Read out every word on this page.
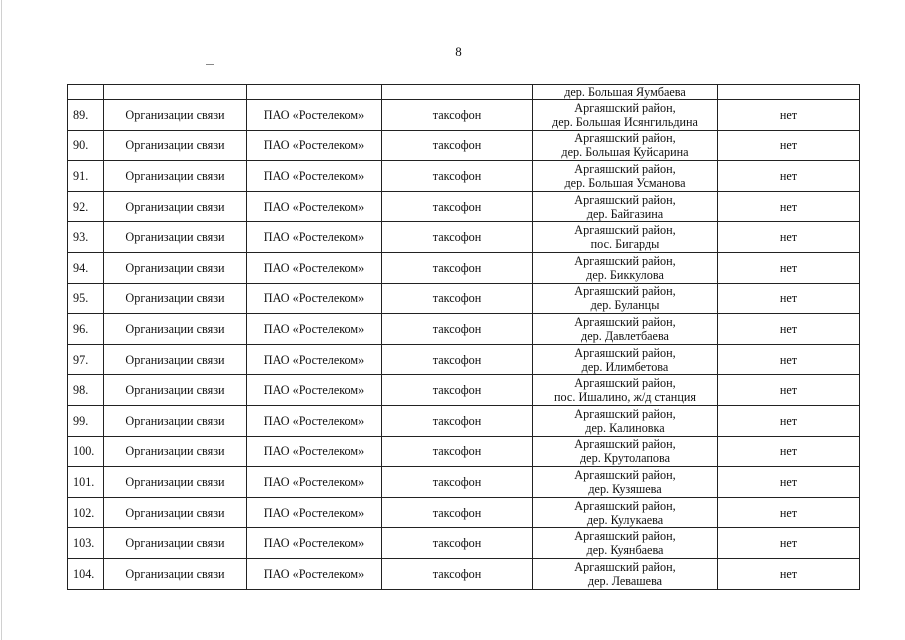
8
				дер. Большая Яумбаева	
89.	Организации связи	ПАО «Ростелеком»	таксофон	Аргаяшский район,
дер. Большая Исянгильдина	нет
90.	Организации связи	ПАО «Ростелеком»	таксофон	Аргаяшский район,
дер. Большая Куйсарина	нет
91.	Организации связи	ПАО «Ростелеком»	таксофон	Аргаяшский район,
дер. Большая Усманова	нет
92.	Организации связи	ПАО «Ростелеком»	таксофон	Аргаяшский район,
дер. Байгазина	нет
93.	Организации связи	ПАО «Ростелеком»	таксофон	Аргаяшский район,
пос. Бигарды	нет
94.	Организации связи	ПАО «Ростелеком»	таксофон	Аргаяшский район,
дер. Биккулова	нет
95.	Организации связи	ПАО «Ростелеком»	таксофон	Аргаяшский район,
дер. Буланцы	нет
96.	Организации связи	ПАО «Ростелеком»	таксофон	Аргаяшский район,
дер. Давлетбаева	нет
97.	Организации связи	ПАО «Ростелеком»	таксофон	Аргаяшский район,
дер. Илимбетова	нет
98.	Организации связи	ПАО «Ростелеком»	таксофон	Аргаяшский район,
пос. Ишалино, ж/д станция	нет
99.	Организации связи	ПАО «Ростелеком»	таксофон	Аргаяшский район,
дер. Калиновка	нет
100.	Организации связи	ПАО «Ростелеком»	таксофон	Аргаяшский район,
дер. Крутолапова	нет
101.	Организации связи	ПАО «Ростелеком»	таксофон	Аргаяшский район,
дер. Кузяшева	нет
102.	Организации связи	ПАО «Ростелеком»	таксофон	Аргаяшский район,
дер. Кулукаева	нет
103.	Организации связи	ПАО «Ростелеком»	таксофон	Аргаяшский район,
дер. Куянбаева	нет
104.	Организации связи	ПАО «Ростелеком»	таксофон	Аргаяшский район,
дер. Левашева	нет
